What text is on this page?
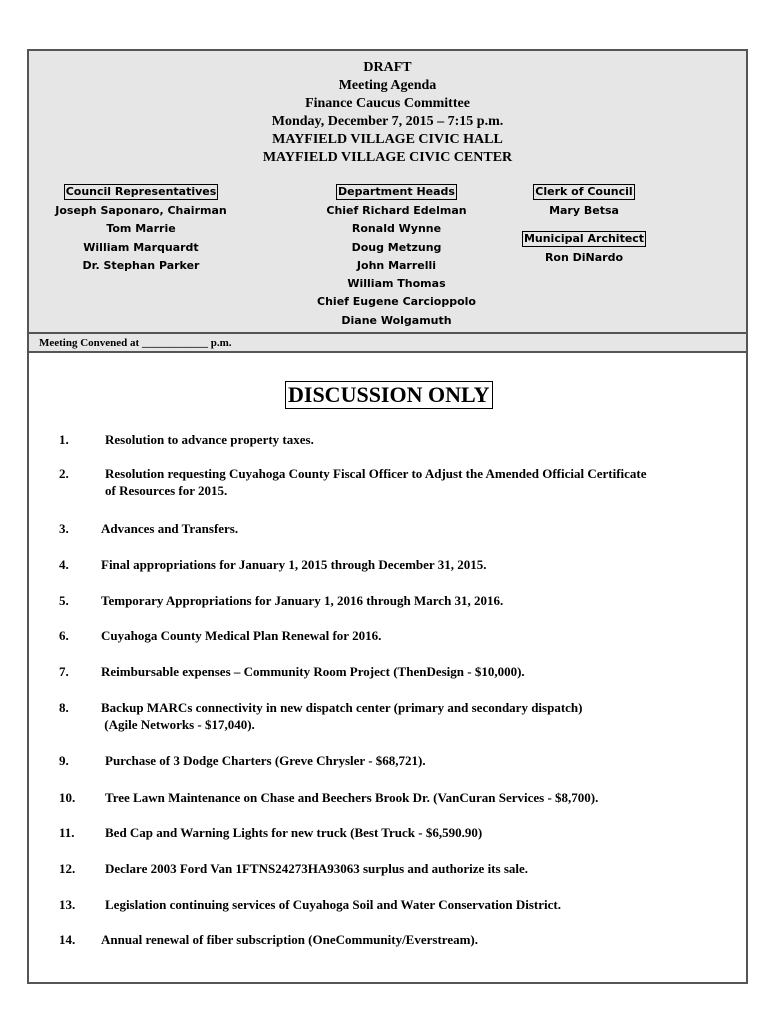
DRAFT
Meeting Agenda
Finance Caucus Committee
Monday, December 7, 2015 – 7:15 p.m.
MAYFIELD VILLAGE CIVIC HALL
MAYFIELD VILLAGE CIVIC CENTER
Council Representatives
Joseph Saponaro, Chairman
Tom Marrie
William Marquardt
Dr. Stephan Parker
Department Heads
Chief Richard Edelman
Ronald Wynne
Doug Metzung
John Marrelli
William Thomas
Chief Eugene Carcioppolo
Diane Wolgamuth
Clerk of Council
Mary Betsa
Municipal Architect
Ron DiNardo
Meeting Convened at ____________ p.m.
DISCUSSION ONLY
1.	Resolution to advance property taxes.
2.	Resolution requesting Cuyahoga County Fiscal Officer to Adjust the Amended Official Certificate
of Resources for 2015.
3.	Advances and Transfers.
4.	Final appropriations for January 1, 2015 through December 31, 2015.
5.	Temporary Appropriations for January 1, 2016 through March 31, 2016.
6.	Cuyahoga County Medical Plan Renewal for 2016.
7.	Reimbursable expenses – Community Room Project (ThenDesign - $10,000).
8.	Backup MARCs connectivity in new dispatch center (primary and secondary dispatch)
(Agile Networks - $17,040).
9.	Purchase of 3 Dodge Charters (Greve Chrysler - $68,721).
10.	Tree Lawn Maintenance on Chase and Beechers Brook Dr. (VanCuran Services - $8,700).
11.	Bed Cap and Warning Lights for new truck (Best Truck - $6,590.90)
12.	Declare 2003 Ford Van 1FTNS24273HA93063 surplus and authorize its sale.
13.	Legislation continuing services of Cuyahoga Soil and Water Conservation District.
14.	Annual renewal of fiber subscription (OneCommunity/Everstream).
